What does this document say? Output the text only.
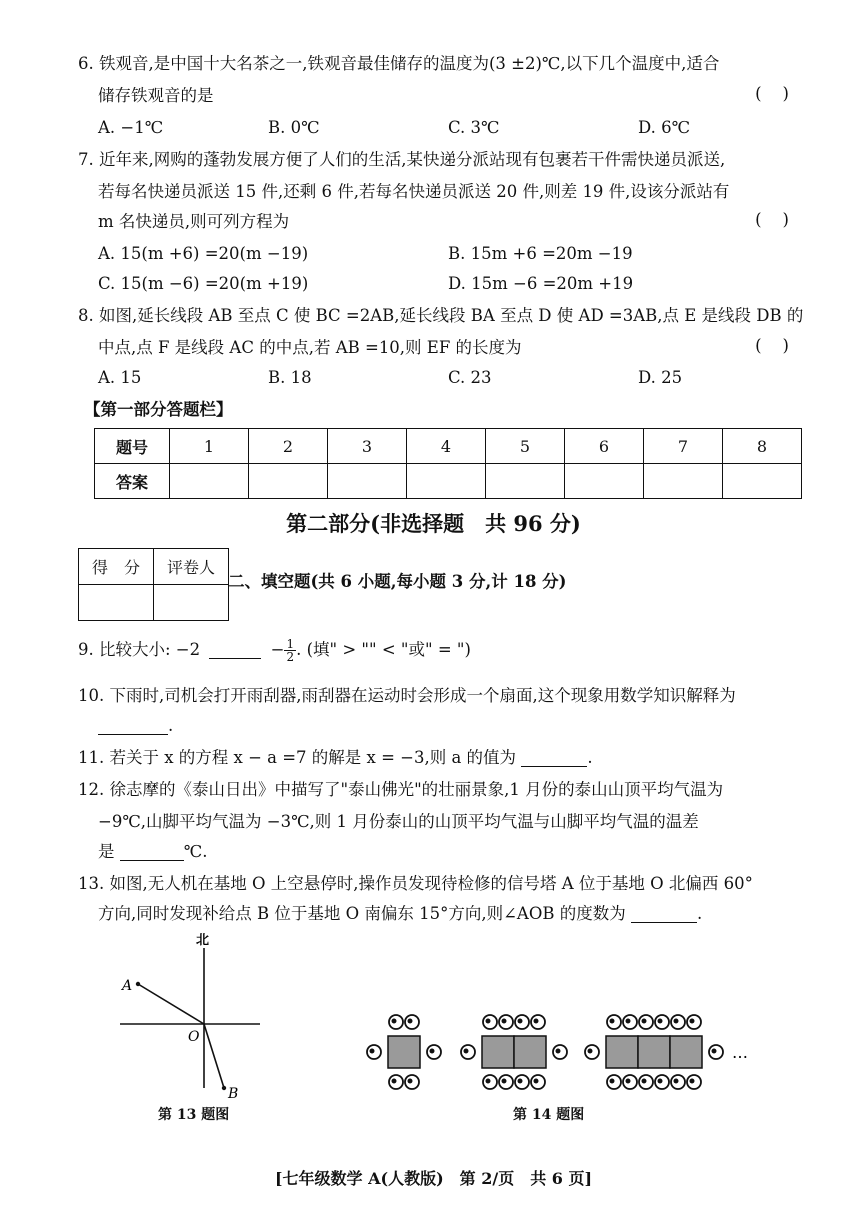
6. 铁观音,是中国十大名茶之一,铁观音最佳储存的温度为(3 ±2)℃,以下几个温度中,适合
储存铁观音的是	(    )
A. −1℃	B. 0℃	C. 3℃	D. 6℃
7. 近年来,网购的蓬勃发展方便了人们的生活,某快递分派站现有包裹若干件需快递员派送,
若每名快递员派送 15 件,还剩 6 件,若每名快递员派送 20 件,则差 19 件,设该分派站有
m 名快递员,则可列方程为	(    )
A. 15(m +6) =20(m −19)	B. 15m +6 =20m −19
C. 15(m −6) =20(m +19)	D. 15m −6 =20m +19
8. 如图,延长线段 AB 至点 C 使 BC =2AB,延长线段 BA 至点 D 使 AD =3AB,点 E 是线段 DB 的
中点,点 F 是线段 AC 的中点,若 AB =10,则 EF 的长度为	(    )
A. 15	B. 18	C. 23	D. 25
【第一部分答题栏】
题号	1	2	3	4	5	6	7	8
答案								
第二部分(非选择题　共 96 分)
得　分	评卷人

二、填空题(共 6 小题,每小题 3 分,计 18 分)
9. 比较大小: −2	− $\frac{1}{2}$ . (填" > "" < "或" = ")
10. 下雨时,司机会打开雨刮器,雨刮器在运动时会形成一个扇面,这个现象用数学知识解释为
.
11. 若关于 x 的方程 x − a =7 的解是 x = −3,则 a 的值为	.
12. 徐志摩的《泰山日出》中描写了"泰山佛光"的壮丽景象,1 月份的泰山山顶平均气温为
−9℃,山脚平均气温为 −3℃,则 1 月份泰山的山顶平均气温与山脚平均气温的温差
是	℃.
13. 如图,无人机在基地 O 上空悬停时,操作员发现待检修的信号塔 A 位于基地 O 北偏西 60°
方向,同时发现补给点 B 位于基地 O 南偏东 15°方向,则∠AOB 的度数为	.
北
A
O
B
第 13 题图
…
第 14 题图
[七年级数学 A(人教版)　第 2/页　共 6 页]
